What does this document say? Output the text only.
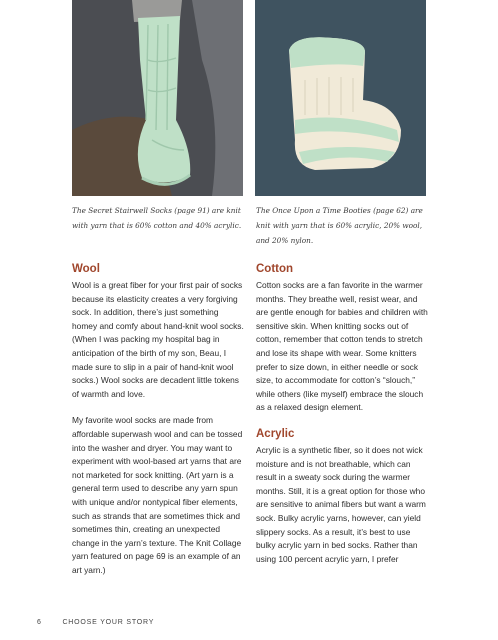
The Secret Stairwell Socks (page 91) are knit with yarn that is 60% cotton and 40% acrylic.
The Once Upon a Time Booties (page 62) are knit with yarn that is 60% acrylic, 20% wool, and 20% nylon.
Wool

Wool is a great fiber for your first pair of socks because its elasticity creates a very forgiving sock. In addition, there’s just something homey and comfy about hand-knit wool socks. (When I was packing my hospital bag in anticipation of the birth of my son, Beau, I made sure to slip in a pair of hand-knit wool socks.) Wool socks are decadent little tokens of warmth and love.

My favorite wool socks are made from affordable superwash wool and can be tossed into the washer and dryer. You may want to experiment with wool-based art yarns that are not marketed for sock knitting. (Art yarn is a general term used to describe any yarn spun with unique and/or nontypical fiber elements, such as strands that are sometimes thick and sometimes thin, creating an unexpected change in the yarn’s texture. The Knit Collage yarn featured on page 69 is an example of an art yarn.)

Cotton

Cotton socks are a fan favorite in the warmer months. They breathe well, resist wear, and are gentle enough for babies and children with sensitive skin. When knitting socks out of cotton, remember that cotton tends to stretch and lose its shape with wear. Some knitters prefer to size down, in either needle or sock size, to accommodate for cotton’s “slouch,” while others (like myself) embrace the slouch as a relaxed design element.

Acrylic

Acrylic is a synthetic fiber, so it does not wick moisture and is not breathable, which can result in a sweaty sock during the warmer months. Still, it is a great option for those who are sensitive to animal fibers but want a warm sock. Bulky acrylic yarns, however, can yield slippery socks. As a result, it’s best to use bulky acrylic yarn in bed socks. Rather than using 100 percent acrylic yarn, I prefer

6	CHOOSE YOUR STORY
